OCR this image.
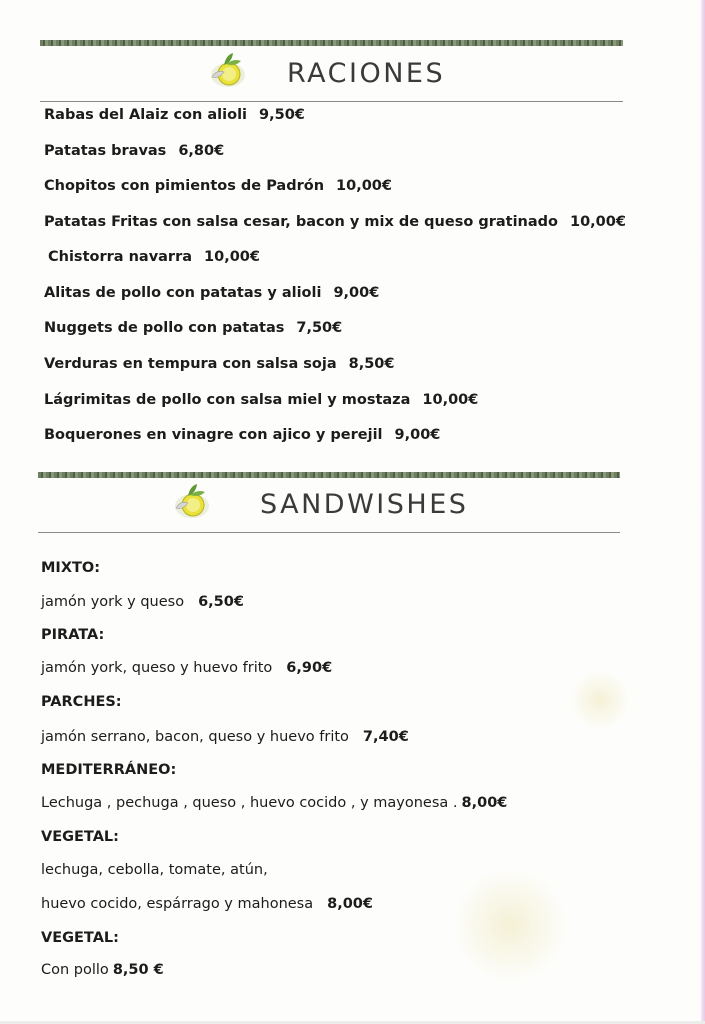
RACIONES
Rabas del Alaiz con alioli 9,50€
Patatas bravas 6,80€
Chopitos con pimientos de Padrón 10,00€
Patatas Fritas con salsa cesar, bacon y mix de queso gratinado 10,00€
Chistorra navarra 10,00€
Alitas de pollo con patatas y alioli 9,00€
Nuggets de pollo con patatas 7,50€
Verduras en tempura con salsa soja 8,50€
Lágrimitas de pollo con salsa miel y mostaza 10,00€
Boquerones en vinagre con ajico y perejil 9,00€
SANDWISHES
MIXTO:
jamón york y queso 6,50€
PIRATA:
jamón york, queso y huevo frito 6,90€
PARCHES:
jamón serrano, bacon, queso y huevo frito 7,40€
MEDITERRÁNEO:
Lechuga , pechuga , queso , huevo cocido , y mayonesa . 8,00€
VEGETAL:
lechuga, cebolla, tomate, atún,
huevo cocido, espárrago y mahonesa 8,00€
VEGETAL:
Con pollo 8,50 €
